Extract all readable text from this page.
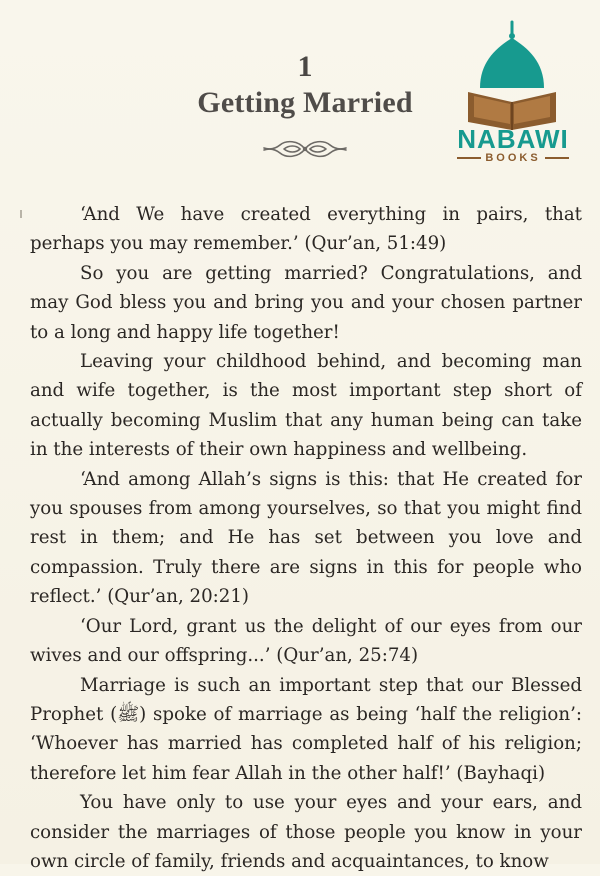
1
Getting Married
NABAWI
BOOKS

‘And We have created everything in pairs, that perhaps you may remember.’ (Qur’an, 51:49)

So you are getting married? Congratulations, and may God bless you and bring you and your chosen partner to a long and happy life together!

Leaving your childhood behind, and becoming man and wife together, is the most important step short of actually becoming Muslim that any human being can take in the interests of their own happiness and wellbeing.

‘And among Allah’s signs is this: that He created for you spouses from among yourselves, so that you might find rest in them; and He has set between you love and compassion. Truly there are signs in this for people who reflect.’ (Qur’an, 20:21)

‘Our Lord, grant us the delight of our eyes from our wives and our offspring...’ (Qur’an, 25:74)

Marriage is such an important step that our Blessed Prophet (ﷺ) spoke of marriage as being ‘half the religion’: ‘Whoever has married has completed half of his religion; therefore let him fear Allah in the other half!’ (Bayhaqi)

You have only to use your eyes and your ears, and consider the marriages of those people you know in your own circle of family, friends and acquaintances, to know
